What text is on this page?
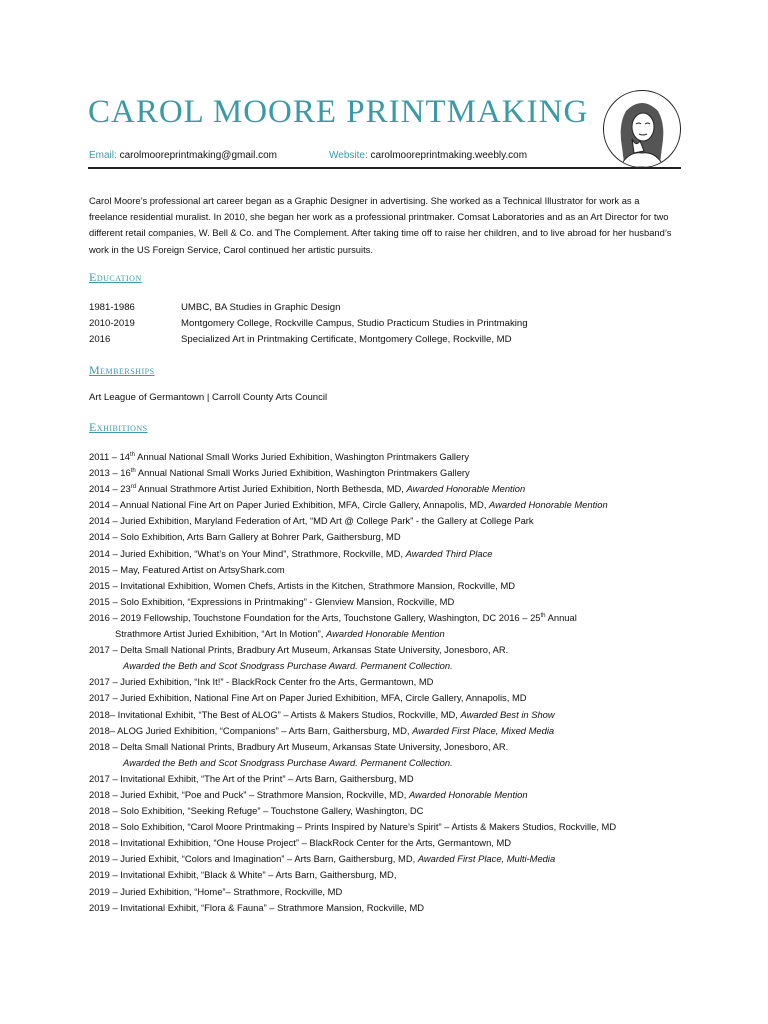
CAROL MOORE PRINTMAKING
Email: carolmooreprintmaking@gmail.com	Website: carolmooreprintmaking.weebly.com
Carol Moore’s professional art career began as a Graphic Designer in advertising. She worked as a Technical Illustrator for work as a freelance residential muralist. In 2010, she began her work as a professional printmaker. Comsat Laboratories and as an Art Director for two different retail companies, W. Bell & Co. and The Complement. After taking time off to raise her children, and to live abroad for her husband’s work in the US Foreign Service, Carol continued her artistic pursuits.
Education
1981-1986	UMBC, BA Studies in Graphic Design
2010-2019	Montgomery College, Rockville Campus, Studio Practicum Studies in Printmaking
2016	Specialized Art in Printmaking Certificate, Montgomery College, Rockville, MD
Memberships
Art League of Germantown | Carroll County Arts Council
Exhibitions
2011 – 14th Annual National Small Works Juried Exhibition, Washington Printmakers Gallery
2013 – 16th Annual National Small Works Juried Exhibition, Washington Printmakers Gallery
2014 – 23rd Annual Strathmore Artist Juried Exhibition, North Bethesda, MD, Awarded Honorable Mention
2014 – Annual National Fine Art on Paper Juried Exhibition, MFA, Circle Gallery, Annapolis, MD, Awarded Honorable Mention
2014 – Juried Exhibition, Maryland Federation of Art, “MD Art @ College Park” - the Gallery at College Park
2014 – Solo Exhibition, Arts Barn Gallery at Bohrer Park, Gaithersburg, MD
2014 – Juried Exhibition, “What’s on Your Mind”, Strathmore, Rockville, MD, Awarded Third Place
2015 – May, Featured Artist on ArtsyShark.com
2015 – Invitational Exhibition, Women Chefs, Artists in the Kitchen, Strathmore Mansion, Rockville, MD
2015 – Solo Exhibition, “Expressions in Printmaking” - Glenview Mansion, Rockville, MD
2016 – 2019 Fellowship, Touchstone Foundation for the Arts, Touchstone Gallery, Washington, DC 2016 – 25th Annual
Strathmore Artist Juried Exhibition, “Art In Motion”, Awarded Honorable Mention
2017 – Delta Small National Prints, Bradbury Art Museum, Arkansas State University, Jonesboro, AR.
Awarded the Beth and Scot Snodgrass Purchase Award. Permanent Collection.
2017 – Juried Exhibition, “Ink It!” - BlackRock Center fro the Arts, Germantown, MD
2017 – Juried Exhibition, National Fine Art on Paper Juried Exhibition, MFA, Circle Gallery, Annapolis, MD
2018– Invitational Exhibit, “The Best of ALOG” – Artists & Makers Studios, Rockville, MD, Awarded Best in Show
2018– ALOG Juried Exhibition, “Companions” – Arts Barn, Gaithersburg, MD, Awarded First Place, Mixed Media
2018 – Delta Small National Prints, Bradbury Art Museum, Arkansas State University, Jonesboro, AR.
Awarded the Beth and Scot Snodgrass Purchase Award. Permanent Collection.
2017 – Invitational Exhibit, “The Art of the Print” – Arts Barn, Gaithersburg, MD
2018 – Juried Exhibit, “Poe and Puck” – Strathmore Mansion, Rockville, MD, Awarded Honorable Mention
2018 – Solo Exhibition, “Seeking Refuge” – Touchstone Gallery, Washington, DC
2018 – Solo Exhibition, “Carol Moore Printmaking – Prints Inspired by Nature’s Spirit” – Artists & Makers Studios, Rockville, MD
2018 – Invitational Exhibition, “One House Project” – BlackRock Center for the Arts, Germantown, MD
2019 – Juried Exhibit, “Colors and Imagination” – Arts Barn, Gaithersburg, MD, Awarded First Place, Multi-Media
2019 – Invitational Exhibit, “Black & White” – Arts Barn, Gaithersburg, MD,
2019 – Juried Exhibition, “Home”– Strathmore, Rockville, MD
2019 – Invitational Exhibit, “Flora & Fauna” – Strathmore Mansion, Rockville, MD
